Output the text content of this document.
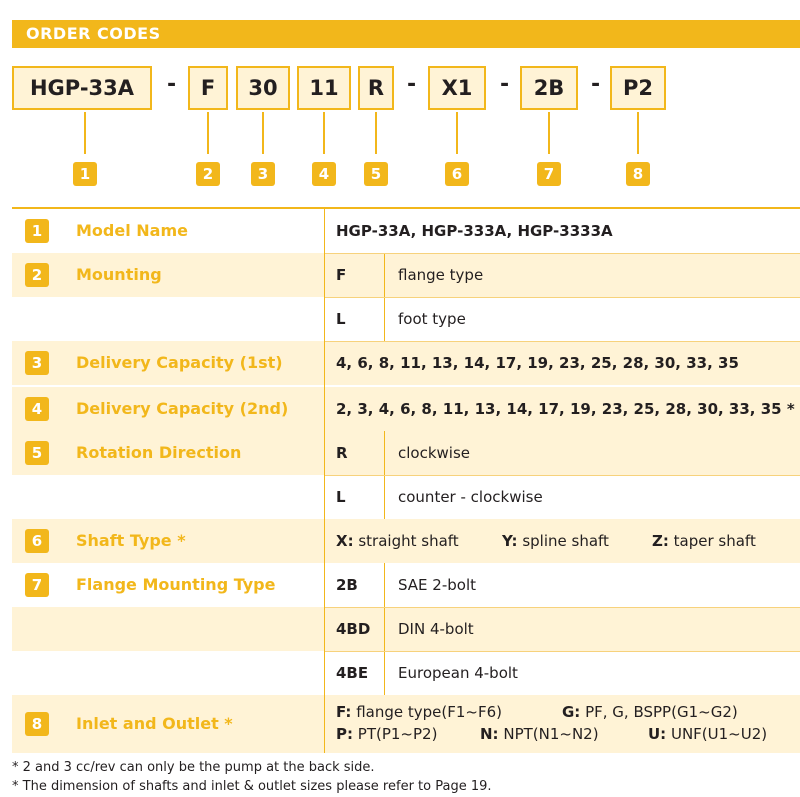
ORDER CODES
HGP-33A	-	F	30	11	R	-	X1	-	2B	-	P2
1	2	3	4	5	6	7	8
1	Model Name	HGP-33A, HGP-333A, HGP-3333A
2	Mounting	F	flange type
L	foot type
3	Delivery Capacity (1st)	4, 6, 8, 11, 13, 14, 17, 19, 23, 25, 28, 30, 33, 35
4	Delivery Capacity (2nd)	2, 3, 4, 6, 8, 11, 13, 14, 17, 19, 23, 25, 28, 30, 33, 35 *
5	Rotation Direction	R	clockwise
L	counter - clockwise
6	Shaft Type *	X: straight shaft	Y: spline shaft	Z: taper shaft
7	Flange Mounting Type	2B	SAE 2-bolt
4BD DIN 4-bolt
4BE European 4-bolt
8	Inlet and Outlet *
F: flange type(F1~F6)	G: PF, G, BSPP(G1~G2)
P: PT(P1~P2)	N: NPT(N1~N2)	U: UNF(U1~U2)
* 2 and 3 cc/rev can only be the pump at the back side.
* The dimension of shafts and inlet & outlet sizes please refer to Page 19.
